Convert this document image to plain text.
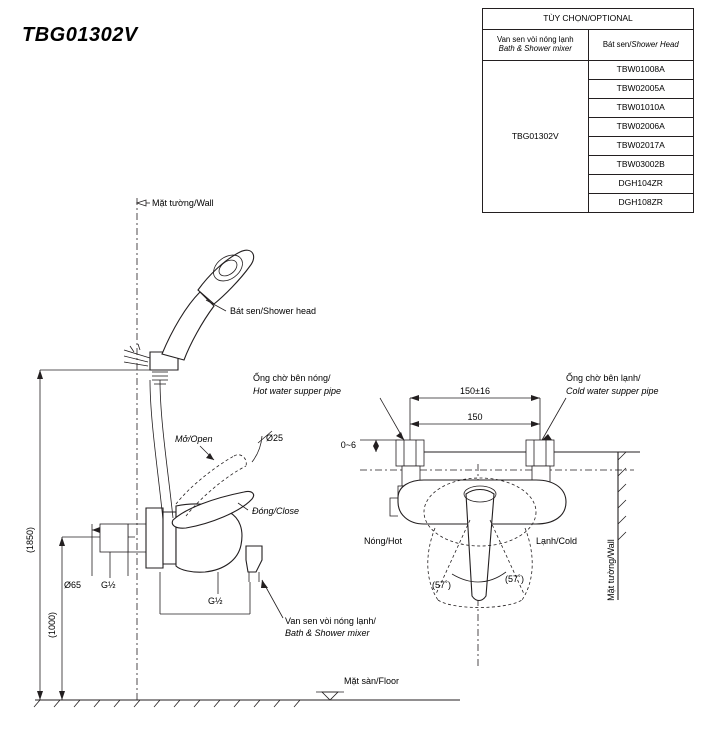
TBG01302V
TÙY CHỌN/OPTIONAL	
Van sen vòi nóng lạnh
Bath & Shower mixer	Bát sen/Shower Head
TBG01302V	TBW01008A
	TBW02005A
	TBW01010A
	TBW02006A
	TBW02017A
	TBW03002B
	DGH104ZR
	DGH108ZR
(1850)
(1000)
Ø65 G½
Ø25
Mở/Open
Đóng/Close
G½
Bát sen/Shower head
Mặt tường/Wall
Van sen vòi nóng lạnh/
Bath & Shower mixer
Mặt sàn/Floor
Mặt tường/Wall
150±16
150
0~6
(57˚)
(57˚)
Nóng/Hot	Lạnh/Cold
Ống chờ bên nóng/
Hot water supper pipe
Ống chờ bên lạnh/
Cold water supper pipe
